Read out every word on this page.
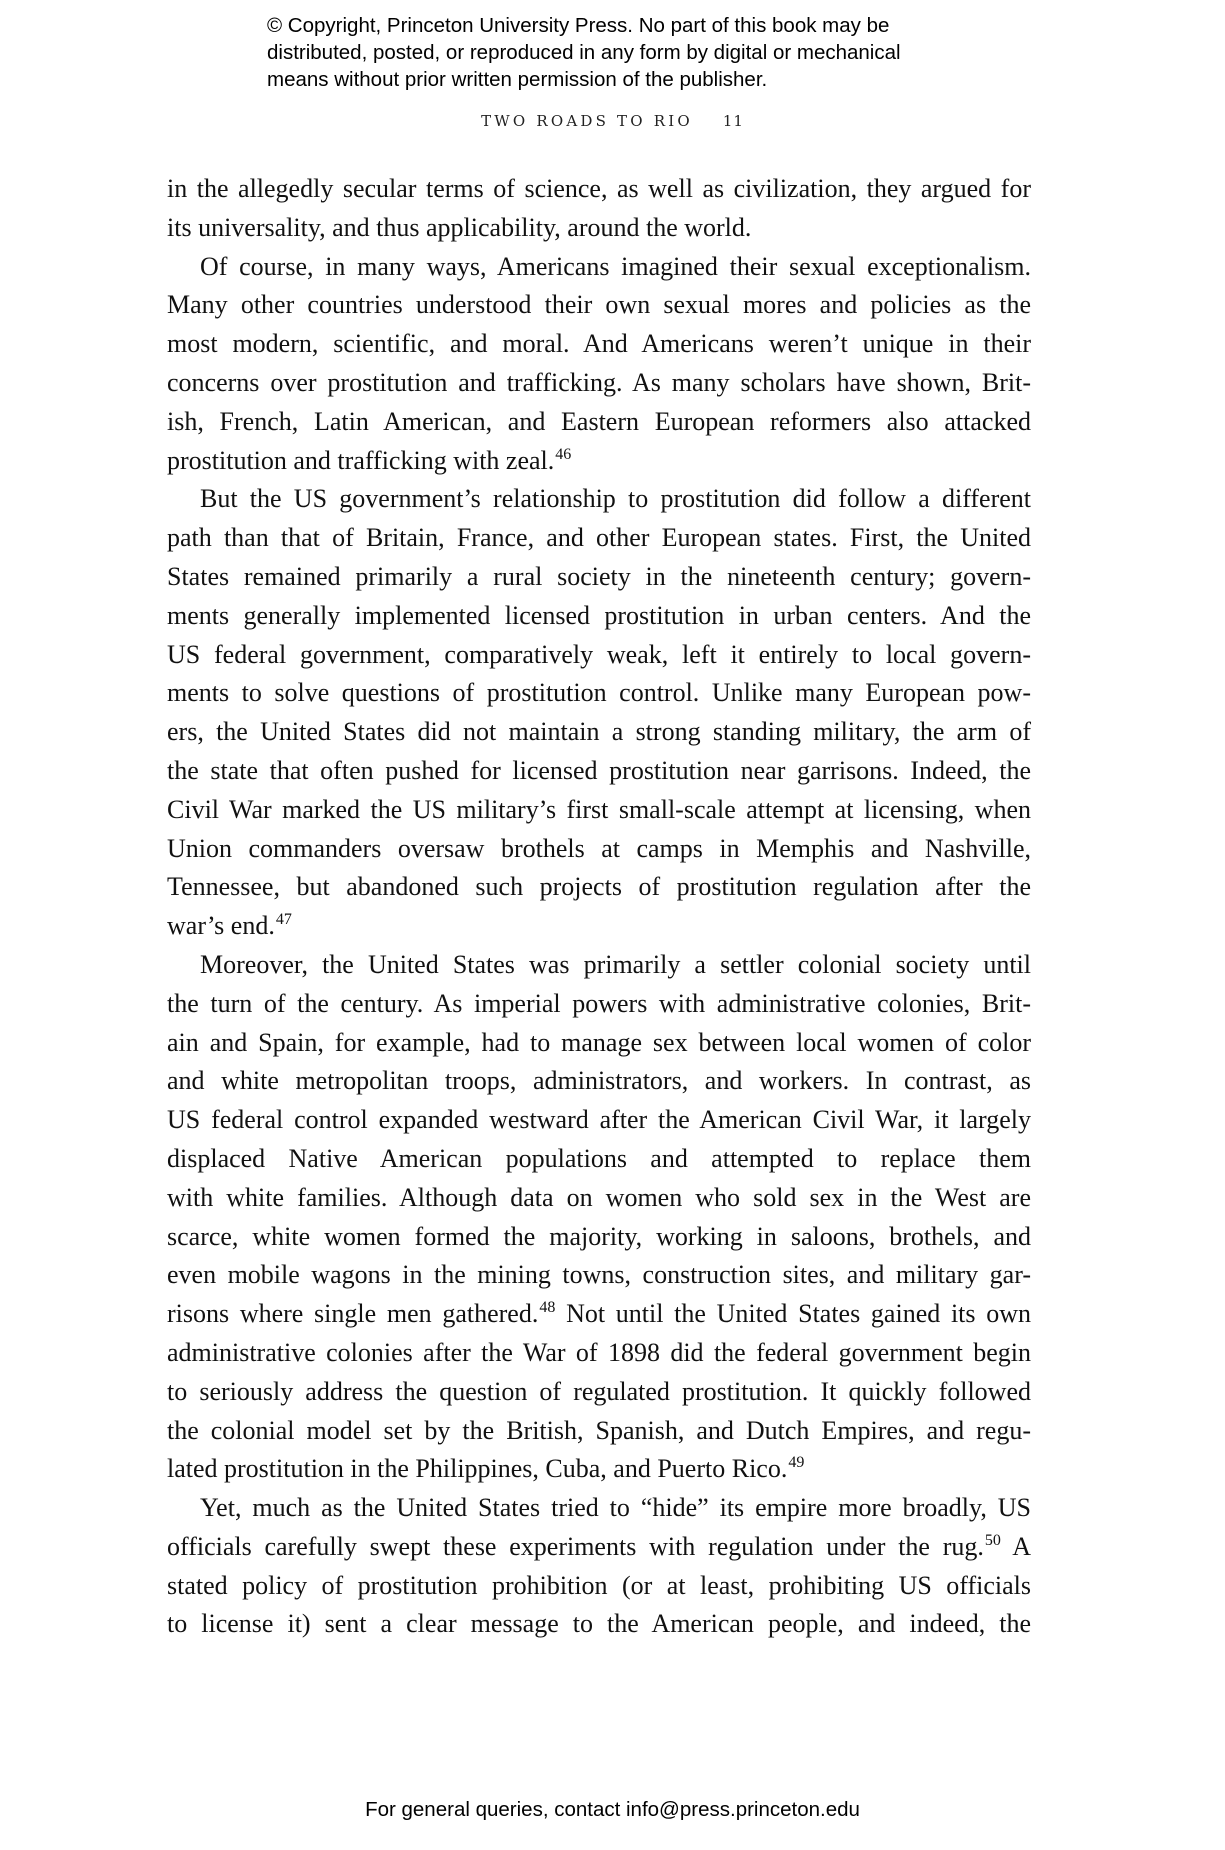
© Copyright, Princeton University Press. No part of this book may be
distributed, posted, or reproduced in any form by digital or mechanical
means without prior written permission of the publisher.
TWO ROADS TO RIO 11
in the allegedly secular terms of science, as well as civilization, they argued for
its universality, and thus applicability, around the world.
Of course, in many ways, Americans imagined their sexual exceptionalism.
Many other countries understood their own sexual mores and policies as the
most modern, scientific, and moral. And Americans weren’t unique in their
concerns over prostitution and trafficking. As many scholars have shown, Brit-
ish, French, Latin American, and Eastern European reformers also attacked
prostitution and trafficking with zeal.$^{46}$
But the US government’s relationship to prostitution did follow a different
path than that of Britain, France, and other European states. First, the United
States remained primarily a rural society in the nineteenth century; govern-
ments generally implemented licensed prostitution in urban centers. And the
US federal government, comparatively weak, left it entirely to local govern-
ments to solve questions of prostitution control. Unlike many European pow-
ers, the United States did not maintain a strong standing military, the arm of
the state that often pushed for licensed prostitution near garrisons. Indeed, the
Civil War marked the US military’s first small-scale attempt at licensing, when
Union commanders oversaw brothels at camps in Memphis and Nashville,
Tennessee, but abandoned such projects of prostitution regulation after the
war’s end.$^{47}$
Moreover, the United States was primarily a settler colonial society until
the turn of the century. As imperial powers with administrative colonies, Brit-
ain and Spain, for example, had to manage sex between local women of color
and white metropolitan troops, administrators, and workers. In contrast, as
US federal control expanded westward after the American Civil War, it largely
displaced Native American populations and attempted to replace them
with white families. Although data on women who sold sex in the West are
scarce, white women formed the majority, working in saloons, brothels, and
even mobile wagons in the mining towns, construction sites, and military gar-
risons where single men gathered.$^{48}$ Not until the United States gained its own
administrative colonies after the War of 1898 did the federal government begin
to seriously address the question of regulated prostitution. It quickly followed
the colonial model set by the British, Spanish, and Dutch Empires, and regu-
lated prostitution in the Philippines, Cuba, and Puerto Rico.$^{49}$
Yet, much as the United States tried to “hide” its empire more broadly, US
officials carefully swept these experiments with regulation under the rug.$^{50}$ A
stated policy of prostitution prohibition (or at least, prohibiting US officials
to license it) sent a clear message to the American people, and indeed, the
For general queries, contact info@press.princeton.edu
